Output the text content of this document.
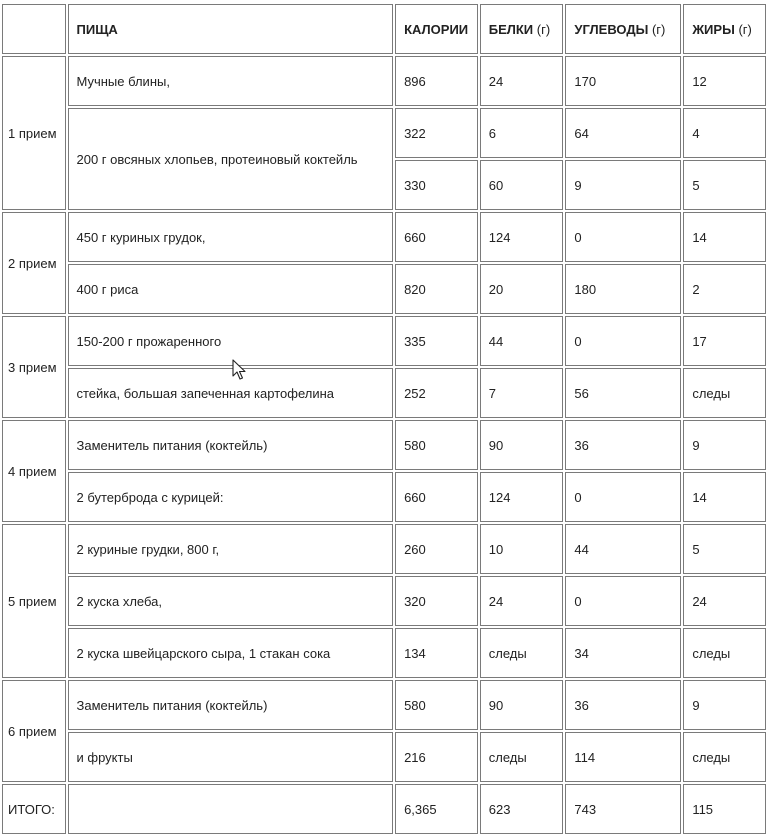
	ПИЩА	КАЛОРИИ	БЕЛКИ (г)	УГЛЕВОДЫ (г)	ЖИРЫ (г)
1 прием	Мучные блины,	896	24	170	12
	200 г овсяных хлопьев, протеиновый коктейль	322	6	64	4
		330	60	9	5
2 прием	450 г куриных грудок,	660	124	0	14
	400 г риса	820	20	180	2
3 прием	150-200 г прожаренного	335	44	0	17
	стейка, большая запеченная картофелина	252	7	56	следы
4 прием	Заменитель питания (коктейль)	580	90	36	9
	2 бутерброда с курицей:	660	124	0	14
5 прием	2 куриные грудки, 800 г,	260	10	44	5
	2 куска хлеба,	320	24	0	24
	2 куска швейцарского сыра, 1 стакан сока	134	следы	34	следы
6 прием	Заменитель питания (коктейль)	580	90	36	9
	и фрукты	216	следы	114	следы
ИТОГО:		6,365	623	743	115
